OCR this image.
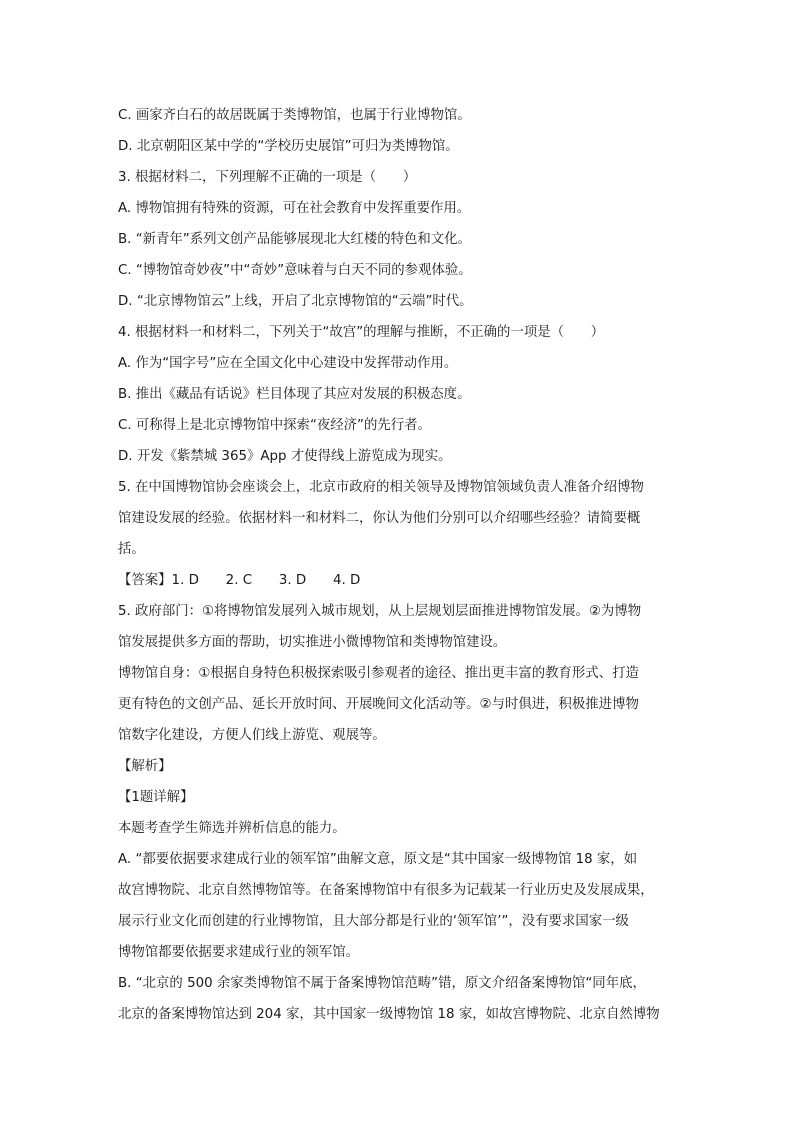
C. 画家齐白石的故居既属于类博物馆，也属于行业博物馆。
D. 北京朝阳区某中学的“学校历史展馆”可归为类博物馆。
3. 根据材料二，下列理解不正确的一项是（　　）
A. 博物馆拥有特殊的资源，可在社会教育中发挥重要作用。
B. “新青年”系列文创产品能够展现北大红楼的特色和文化。
C. “博物馆奇妙夜”中“奇妙”意味着与白天不同的参观体验。
D. “北京博物馆云”上线，开启了北京博物馆的“云端”时代。
4. 根据材料一和材料二，下列关于“故宫”的理解与推断，不正确的一项是（　　）
A. 作为“国字号”应在全国文化中心建设中发挥带动作用。
B. 推出《藏品有话说》栏目体现了其应对发展的积极态度。
C. 可称得上是北京博物馆中探索“夜经济”的先行者。
D. 开发《紫禁城 365》App 才使得线上游览成为现实。
5. 在中国博物馆协会座谈会上，北京市政府的相关领导及博物馆领域负责人准备介绍博物
馆建设发展的经验。依据材料一和材料二，你认为他们分别可以介绍哪些经验？请简要概
括。
【答案】1. D　　2. C　　3. D　　4. D
5. 政府部门：①将博物馆发展列入城市规划，从上层规划层面推进博物馆发展。②为博物
馆发展提供多方面的帮助，切实推进小微博物馆和类博物馆建设。
博物馆自身：①根据自身特色积极探索吸引参观者的途径、推出更丰富的教育形式、打造
更有特色的文创产品、延长开放时间、开展晚间文化活动等。②与时俱进，积极推进博物
馆数字化建设，方便人们线上游览、观展等。
【解析】
【1题详解】
本题考查学生筛选并辨析信息的能力。
A. “都要依据要求建成行业的领军馆”曲解文意，原文是“其中国家一级博物馆 18 家，如
故宫博物院、北京自然博物馆等。在备案博物馆中有很多为记载某一行业历史及发展成果，
展示行业文化而创建的行业博物馆，且大部分都是行业的‘领军馆’”，没有要求国家一级
博物馆都要依据要求建成行业的领军馆。
B. “北京的 500 余家类博物馆不属于备案博物馆范畴”错，原文介绍备案博物馆“同年底，
北京的备案博物馆达到 204 家，其中国家一级博物馆 18 家，如故宫博物院、北京自然博物
